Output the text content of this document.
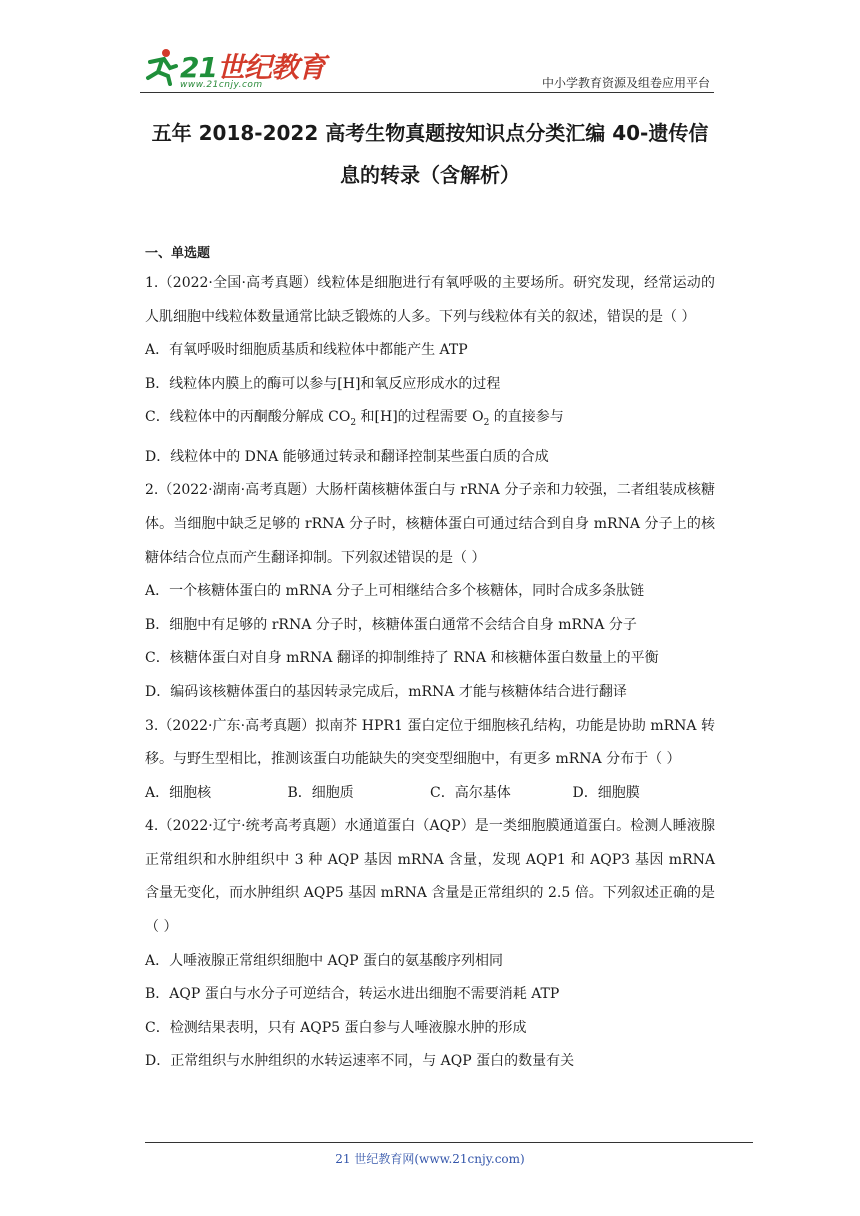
21世纪教育
www.21cnjy.com	中小学教育资源及组卷应用平台
五年 2018-2022 高考生物真题按知识点分类汇编 40-遗传信
息的转录（含解析）
一、单选题
1.（2022·全国·高考真题）线粒体是细胞进行有氧呼吸的主要场所。研究发现，经常运动的人肌细胞中线粒体数量通常比缺乏锻炼的人多。下列与线粒体有关的叙述，错误的是（ ）
A．有氧呼吸时细胞质基质和线粒体中都能产生 ATP
B．线粒体内膜上的酶可以参与[H]和氧反应形成水的过程
C．线粒体中的丙酮酸分解成 $CO_2$ 和[H]的过程需要 $O_2$ 的直接参与
D．线粒体中的 DNA 能够通过转录和翻译控制某些蛋白质的合成
2.（2022·湖南·高考真题）大肠杆菌核糖体蛋白与 rRNA 分子亲和力较强，二者组装成核糖体。当细胞中缺乏足够的 rRNA 分子时，核糖体蛋白可通过结合到自身 mRNA 分子上的核糖体结合位点而产生翻译抑制。下列叙述错误的是（ ）
A．一个核糖体蛋白的 mRNA 分子上可相继结合多个核糖体，同时合成多条肽链
B．细胞中有足够的 rRNA 分子时，核糖体蛋白通常不会结合自身 mRNA 分子
C．核糖体蛋白对自身 mRNA 翻译的抑制维持了 RNA 和核糖体蛋白数量上的平衡
D．编码该核糖体蛋白的基因转录完成后，mRNA 才能与核糖体结合进行翻译
3.（2022·广东·高考真题）拟南芥 HPR1 蛋白定位于细胞核孔结构，功能是协助 mRNA 转移。与野生型相比，推测该蛋白功能缺失的突变型细胞中，有更多 mRNA 分布于（ ）
A．细胞核	B．细胞质	C．高尔基体	D．细胞膜
4.（2022·辽宁·统考高考真题）水通道蛋白（AQP）是一类细胞膜通道蛋白。检测人睡液腺正常组织和水肿组织中 3 种 AQP 基因 mRNA 含量，发现 AQP1 和 AQP3 基因 mRNA 含量无变化，而水肿组织 AQP5 基因 mRNA 含量是正常组织的 2.5 倍。下列叙述正确的是（ ）
A．人唾液腺正常组织细胞中 AQP 蛋白的氨基酸序列相同
B．AQP 蛋白与水分子可逆结合，转运水进出细胞不需要消耗 ATP
C．检测结果表明，只有 AQP5 蛋白参与人唾液腺水肿的形成
D．正常组织与水肿组织的水转运速率不同，与 AQP 蛋白的数量有关
21 世纪教育网(www.21cnjy.com)
